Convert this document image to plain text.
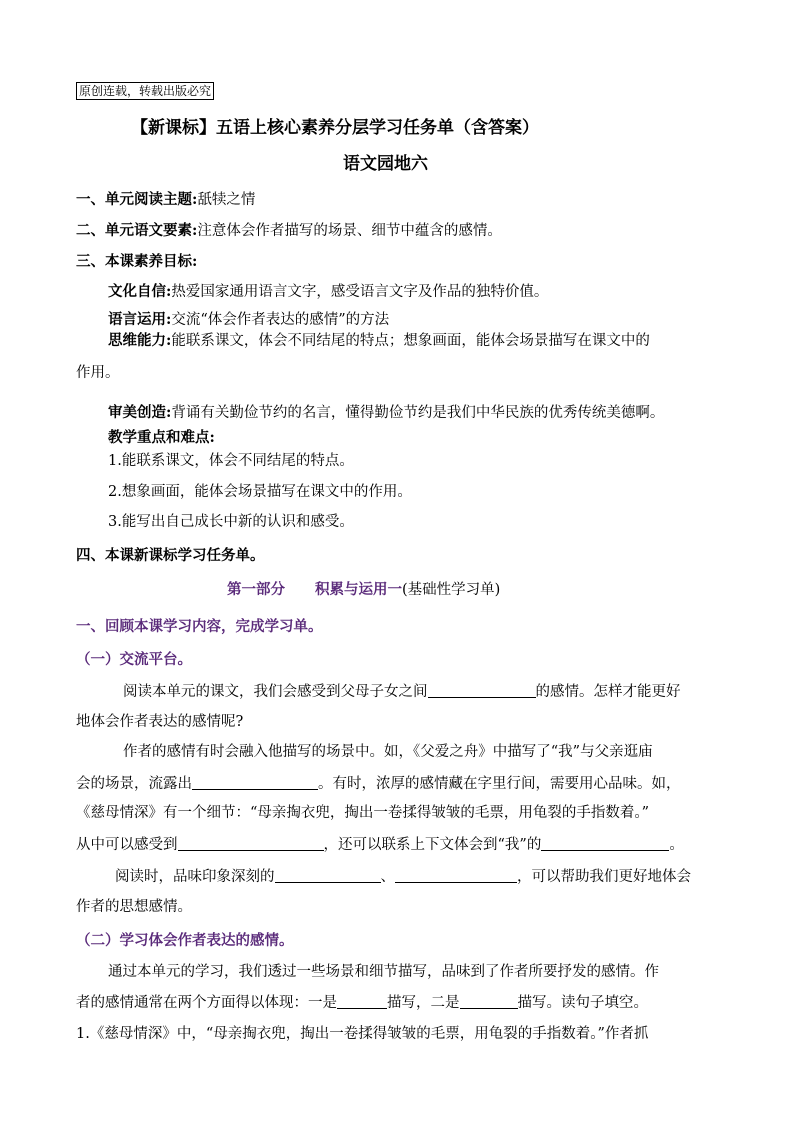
原创连载，转载出版必究
【新课标】五语上核心素养分层学习任务单（含答案）
语文园地六
一、单元阅读主题:舐犊之情
二、单元语文要素:注意体会作者描写的场景、细节中蕴含的感情。
三、本课素养目标:
文化自信:热爱国家通用语言文字，感受语言文字及作品的独特价值。
语言运用:交流“体会作者表达的感情”的方法
思维能力:能联系课文，体会不同结尾的特点；想象画面，能体会场景描写在课文中的
作用。
审美创造:背诵有关勤俭节约的名言，懂得勤俭节约是我们中华民族的优秀传统美德啊。
教学重点和难点:
1.能联系课文，体会不同结尾的特点。
2.想象画面，能体会场景描写在课文中的作用。
3.能写出自己成长中新的认识和感受。
四、本课新课标学习任务单。
第一部分 积累与运用一(基础性学习单)
一、回顾本课学习内容，完成学习单。
（一）交流平台。
阅读本单元的课文，我们会感受到父母子女之间	的感情。怎样才能更好
地体会作者表达的感情呢?
作者的感情有时会融入他描写的场景中。如，《父爱之舟》中描写了“我”与父亲逛庙
会的场景，流露出	。有时，浓厚的感情藏在字里行间，需要用心品味。如，
《慈母情深》有一个细节：“母亲掏衣兜，掏出一卷揉得皱皱的毛票，用龟裂的手指数着。”
从中可以感受到	，还可以联系上下文体会到“我”的	。
阅读时，品味印象深刻的	、	，可以帮助我们更好地体会
作者的思想感情。
（二）学习体会作者表达的感情。
通过本单元的学习，我们透过一些场景和细节描写，品味到了作者所要抒发的感情。作
者的感情通常在两个方面得以体现：一是	描写，二是	描写。读句子填空。
1.《慈母情深》中，“母亲掏衣兜，掏出一卷揉得皱皱的毛票，用龟裂的手指数着。”作者抓
